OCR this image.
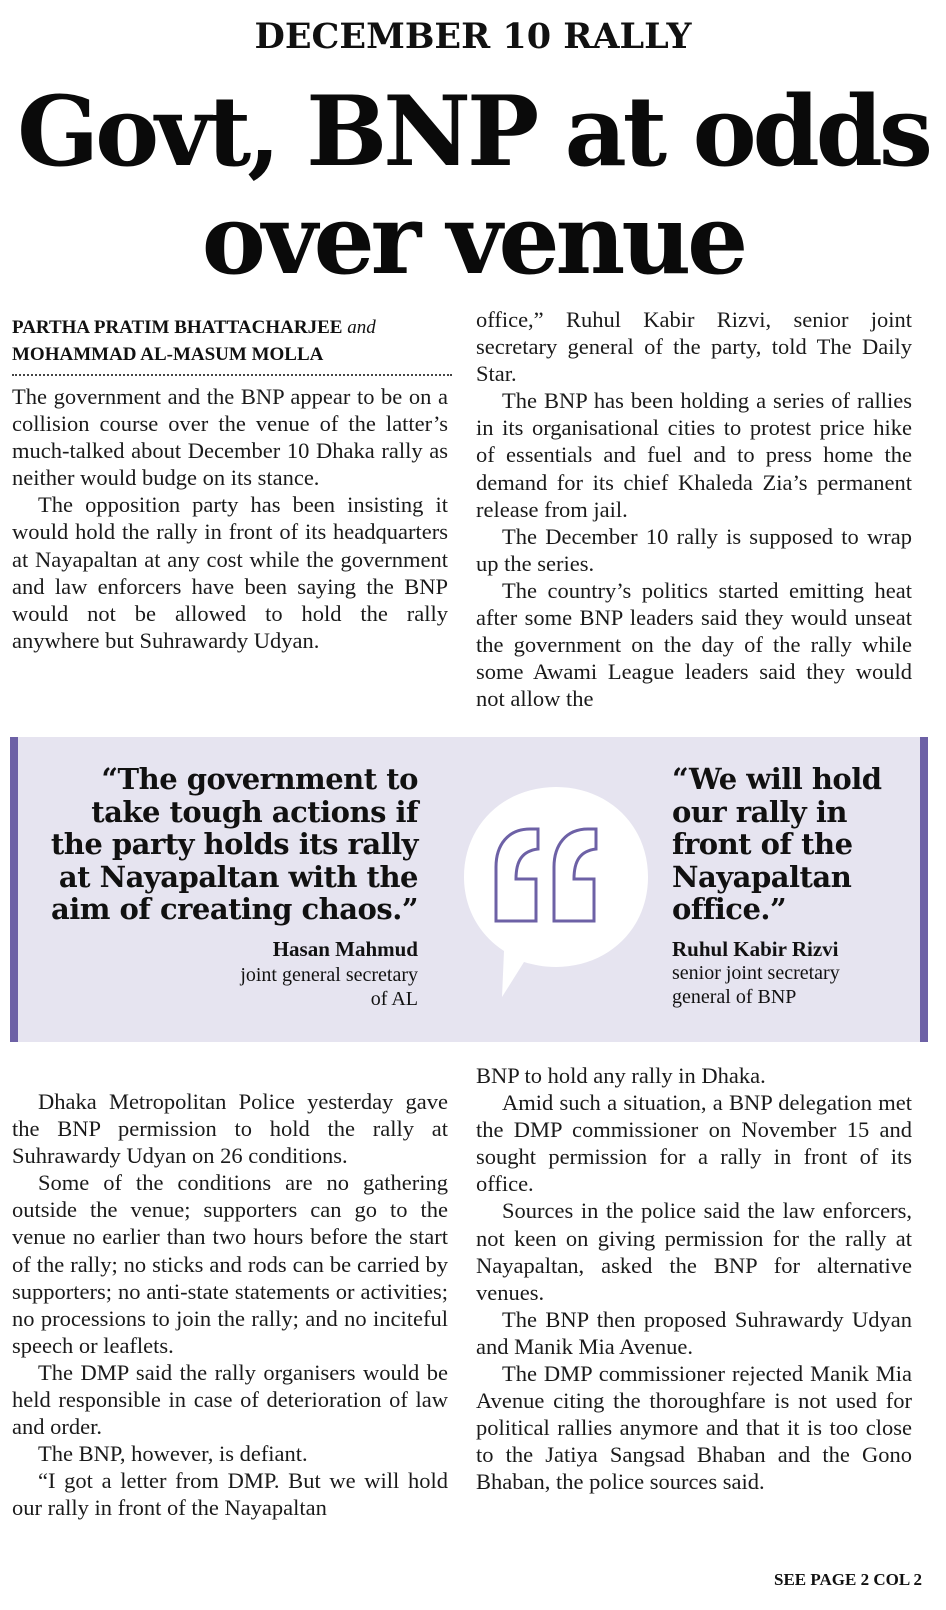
DECEMBER 10 RALLY
Govt, BNP at odds
over venue
PARTHA PRATIM BHATTACHARJEE and
MOHAMMAD AL-MASUM MOLLA

The government and the BNP appear to be on a collision course over the venue of the latter’s much-talked about December 10 Dhaka rally as neither would budge on its stance.

The opposition party has been insisting it would hold the rally in front of its headquarters at Nayapaltan at any cost while the government and law enforcers have been saying the BNP would not be allowed to hold the rally anywhere but Suhrawardy Udyan.

office,” Ruhul Kabir Rizvi, senior joint secretary general of the party, told The Daily Star.

The BNP has been holding a series of rallies in its organisational cities to protest price hike of essentials and fuel and to press home the demand for its chief Khaleda Zia’s permanent release from jail.

The December 10 rally is supposed to wrap up the series.

The country’s politics started emitting heat after some BNP leaders said they would unseat the government on the day of the rally while some Awami League leaders said they would not allow the

“The government to
take tough actions if
the party holds its rally
at Nayapaltan with the
aim of creating chaos.”
Hasan Mahmud
joint general secretary
of AL
“We will hold
our rally in
front of the
Nayapaltan
office.”
Ruhul Kabir Rizvi
senior joint secretary
general of BNP

Dhaka Metropolitan Police yesterday gave the BNP permission to hold the rally at Suhrawardy Udyan on 26 conditions.

Some of the conditions are no gathering outside the venue; supporters can go to the venue no earlier than two hours before the start of the rally; no sticks and rods can be carried by supporters; no anti-state statements or activities; no processions to join the rally; and no inciteful speech or leaflets.

The DMP said the rally organisers would be held responsible in case of deterioration of law and order.

The BNP, however, is defiant.

“I got a letter from DMP. But we will hold our rally in front of the Nayapaltan

BNP to hold any rally in Dhaka.

Amid such a situation, a BNP delegation met the DMP commissioner on November 15 and sought permission for a rally in front of its office.

Sources in the police said the law enforcers, not keen on giving permission for the rally at Nayapaltan, asked the BNP for alternative venues.

The BNP then proposed Suhrawardy Udyan and Manik Mia Avenue.

The DMP commissioner rejected Manik Mia Avenue citing the thoroughfare is not used for political rallies anymore and that it is too close to the Jatiya Sangsad Bhaban and the Gono Bhaban, the police sources said.

SEE PAGE 2 COL 2
